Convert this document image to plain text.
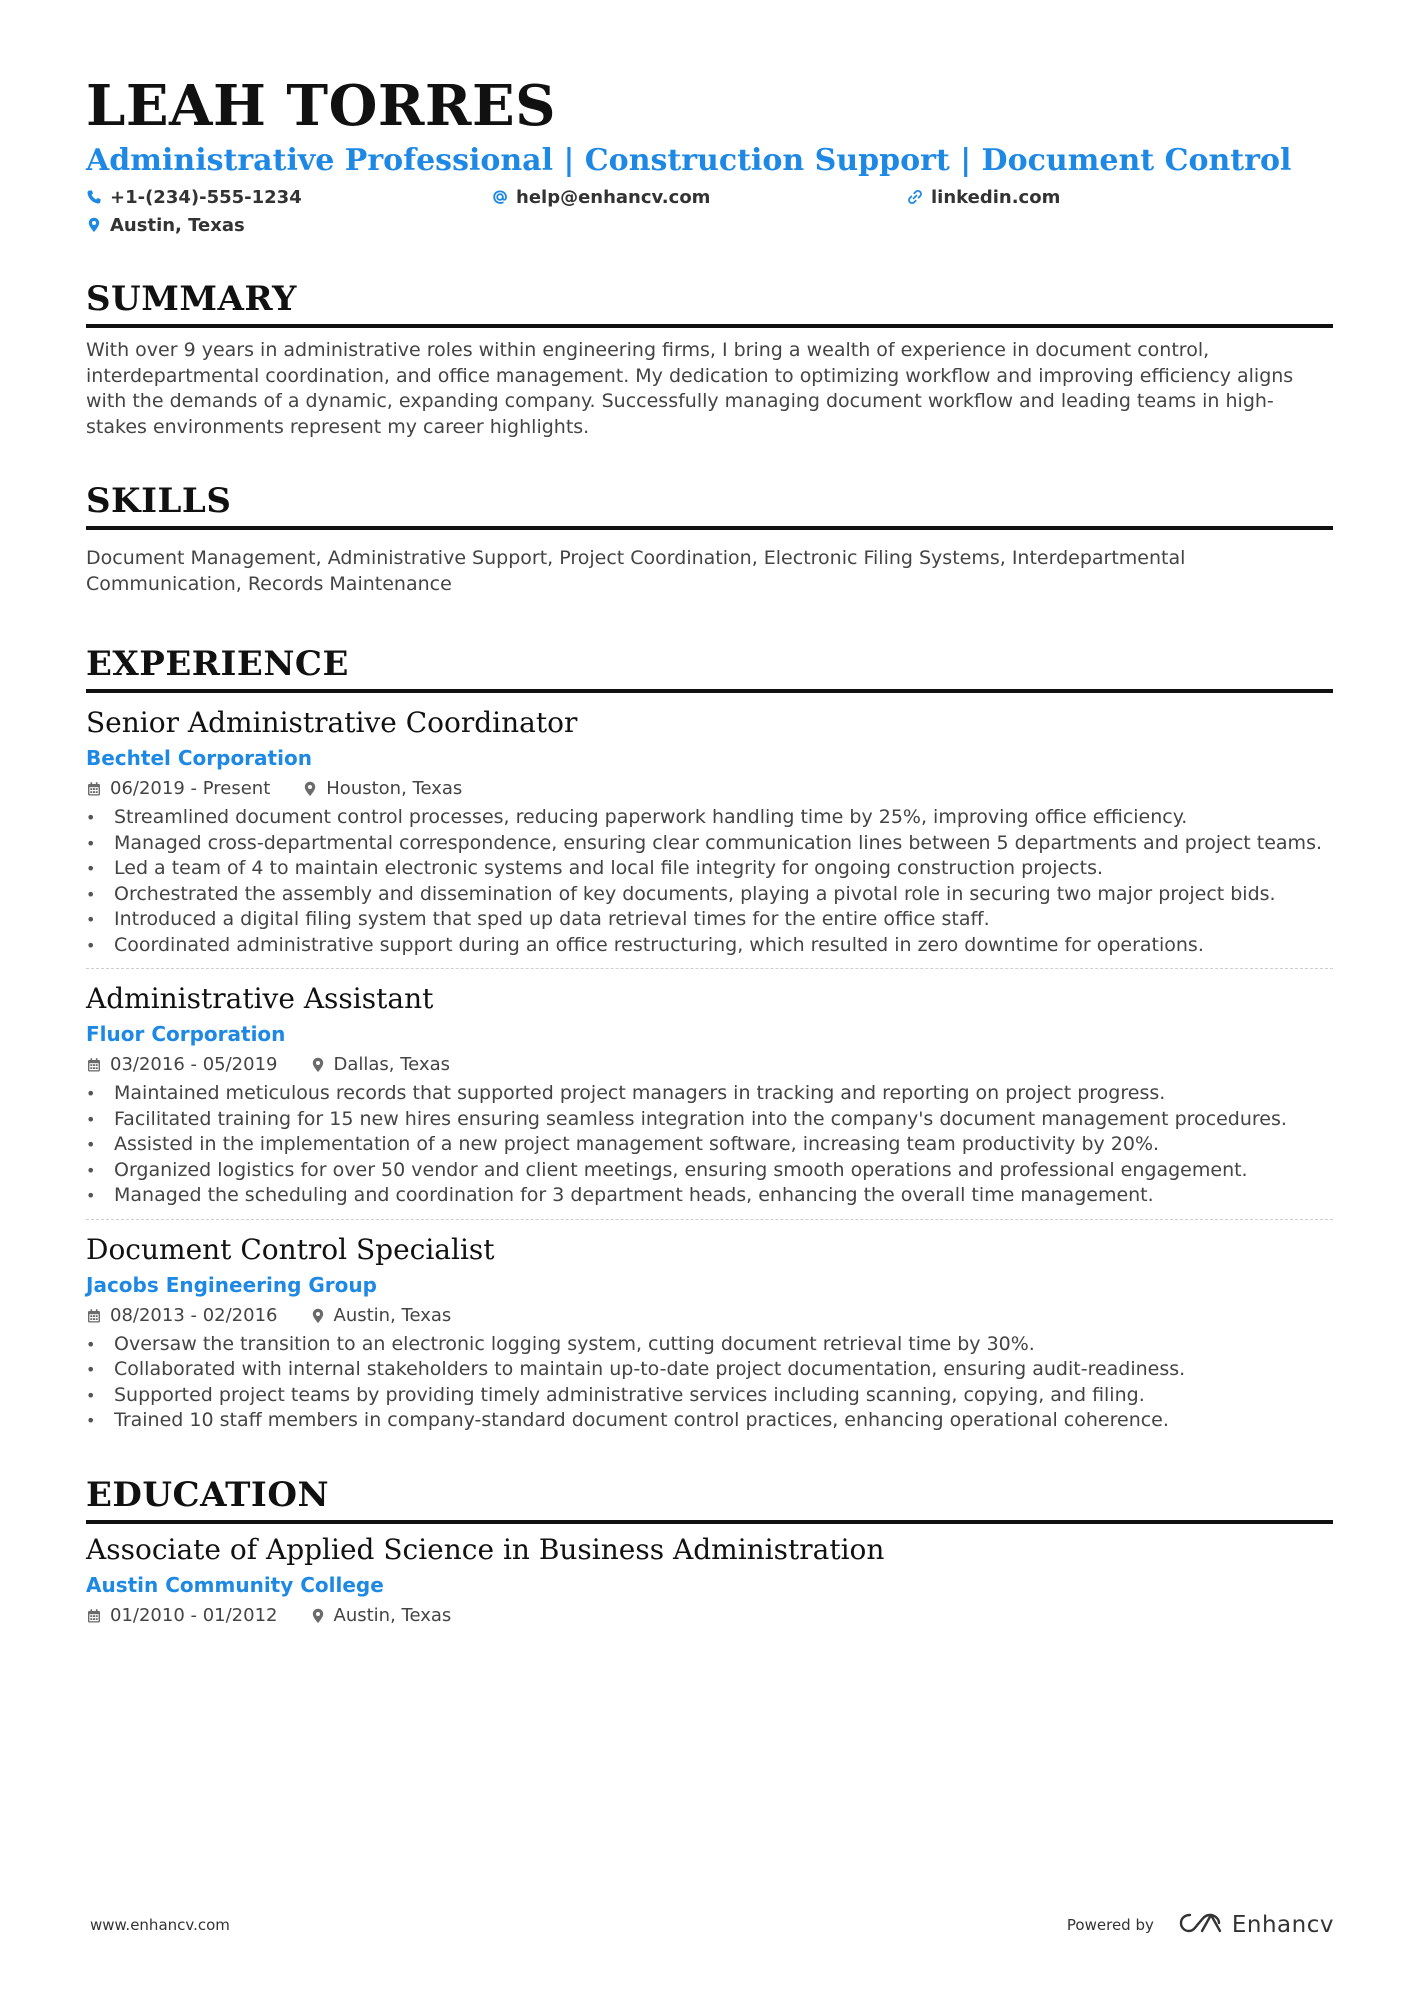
LEAH TORRES
Administrative Professional | Construction Support | Document Control
+1-(234)-555-1234	help@enhancv.com	linkedin.com
Austin, Texas
SUMMARY
With over 9 years in administrative roles within engineering firms, I bring a wealth of experience in document control, interdepartmental coordination, and office management. My dedication to optimizing workflow and improving efficiency aligns with the demands of a dynamic, expanding company. Successfully managing document workflow and leading teams in high-stakes environments represent my career highlights.
SKILLS
Document Management, Administrative Support, Project Coordination, Electronic Filing Systems, Interdepartmental Communication, Records Maintenance
EXPERIENCE
Senior Administrative Coordinator
Bechtel Corporation
06/2019 - Present	Houston, Texas
• Streamlined document control processes, reducing paperwork handling time by 25%, improving office efficiency.
• Managed cross-departmental correspondence, ensuring clear communication lines between 5 departments and project teams.
• Led a team of 4 to maintain electronic systems and local file integrity for ongoing construction projects.
• Orchestrated the assembly and dissemination of key documents, playing a pivotal role in securing two major project bids.
• Introduced a digital filing system that sped up data retrieval times for the entire office staff.
• Coordinated administrative support during an office restructuring, which resulted in zero downtime for operations.
Administrative Assistant
Fluor Corporation
03/2016 - 05/2019	Dallas, Texas
• Maintained meticulous records that supported project managers in tracking and reporting on project progress.
• Facilitated training for 15 new hires ensuring seamless integration into the company's document management procedures.
• Assisted in the implementation of a new project management software, increasing team productivity by 20%.
• Organized logistics for over 50 vendor and client meetings, ensuring smooth operations and professional engagement.
• Managed the scheduling and coordination for 3 department heads, enhancing the overall time management.
Document Control Specialist
Jacobs Engineering Group
08/2013 - 02/2016	Austin, Texas
• Oversaw the transition to an electronic logging system, cutting document retrieval time by 30%.
• Collaborated with internal stakeholders to maintain up-to-date project documentation, ensuring audit-readiness.
• Supported project teams by providing timely administrative services including scanning, copying, and filing.
• Trained 10 staff members in company-standard document control practices, enhancing operational coherence.
EDUCATION
Associate of Applied Science in Business Administration
Austin Community College
01/2010 - 01/2012	Austin, Texas
www.enhancv.com	Powered by	Enhancv
